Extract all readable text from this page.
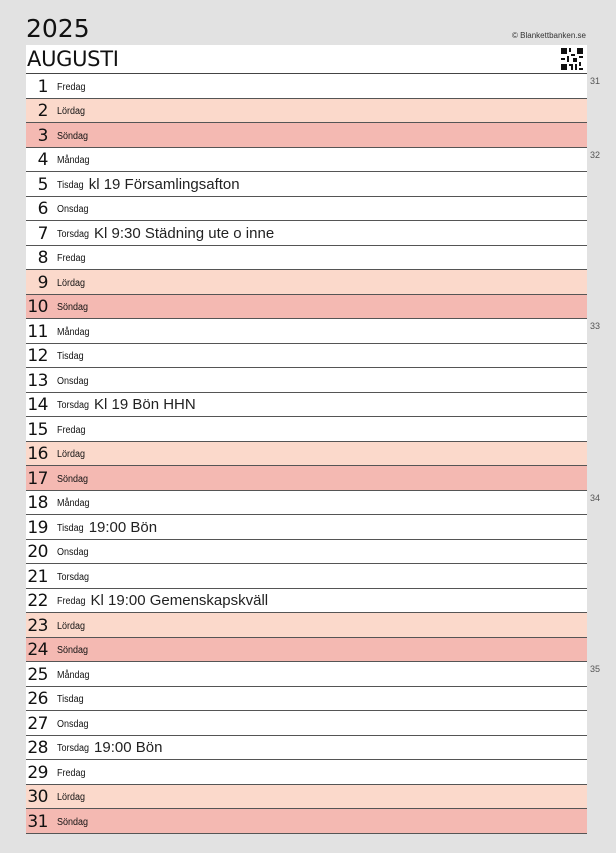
2025	© Blankettbanken.se
AUGUSTI
1 Fredag
2 Lördag
3 Söndag
4 Måndag
5 Tisdag kl 19 Församlingsafton
6 Onsdag
7 Torsdag Kl 9:30 Städning ute o inne
8 Fredag
9 Lördag
10 Söndag
11 Måndag
12 Tisdag
13 Onsdag
14 Torsdag Kl 19 Bön HHN
15 Fredag
16 Lördag
17 Söndag
18 Måndag
19 Tisdag 19:00 Bön
20 Onsdag
21 Torsdag
22 Fredag Kl 19:00 Gemenskapskväll
23 Lördag
24 Söndag
25 Måndag
26 Tisdag
27 Onsdag
28 Torsdag 19:00 Bön
29 Fredag
30 Lördag
31 Söndag
31
32
33
34
35
